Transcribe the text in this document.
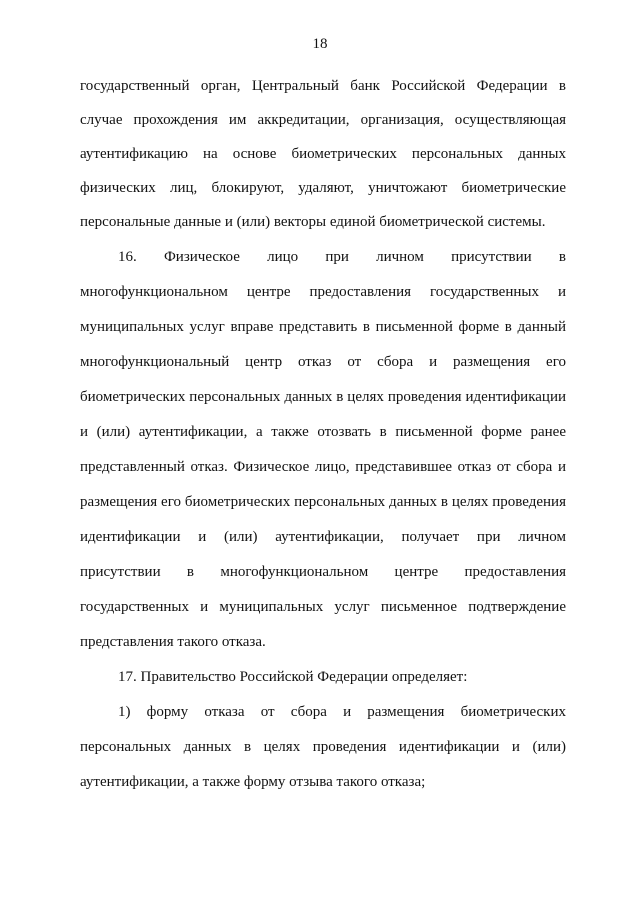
18
государственный орган, Центральный банк Российской Федерации в
случае прохождения им аккредитации, организация, осуществляющая
аутентификацию на основе биометрических персональных данных
физических лиц, блокируют, удаляют, уничтожают биометрические
персональные данные и (или) векторы единой биометрической системы.
16. Физическое лицо при личном присутствии в
многофункциональном центре предоставления государственных и
муниципальных услуг вправе представить в письменной форме в данный
многофункциональный центр отказ от сбора и размещения его
биометрических персональных данных в целях проведения идентификации
и (или) аутентификации, а также отозвать в письменной форме ранее
представленный отказ. Физическое лицо, представившее отказ от сбора и
размещения его биометрических персональных данных в целях проведения
идентификации и (или) аутентификации, получает при личном
присутствии в многофункциональном центре предоставления
государственных и муниципальных услуг письменное подтверждение
представления такого отказа.
17. Правительство Российской Федерации определяет:
1) форму отказа от сбора и размещения биометрических
персональных данных в целях проведения идентификации и (или)
аутентификации, а также форму отзыва такого отказа;
